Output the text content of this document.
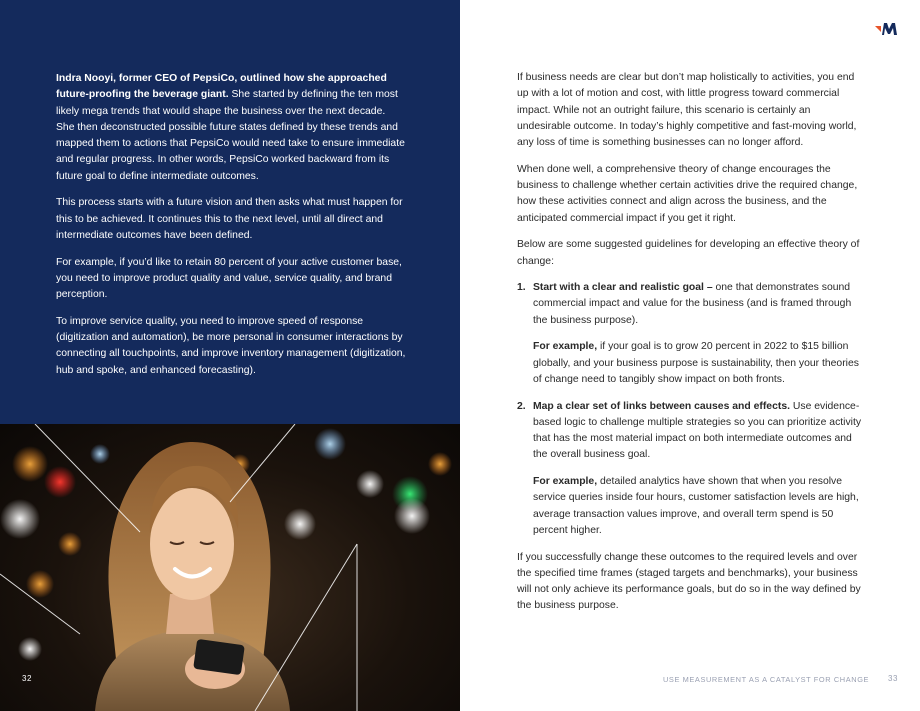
Indra Nooyi, former CEO of PepsiCo, outlined how she approached future-proofing the beverage giant. She started by defining the ten most likely mega trends that would shape the business over the next decade. She then deconstructed possible future states defined by these trends and mapped them to actions that PepsiCo would need take to ensure immediate and regular progress. In other words, PepsiCo worked backward from its future goal to define intermediate outcomes.

This process starts with a future vision and then asks what must happen for this to be achieved. It continues this to the next level, until all direct and intermediate outcomes have been defined.

For example, if you’d like to retain 80 percent of your active customer base, you need to improve product quality and value, service quality, and brand perception.

To improve service quality, you need to improve speed of response (digitization and automation), be more personal in consumer interactions by connecting all touchpoints, and improve inventory management (digitization, hub and spoke, and enhanced forecasting).

32

If business needs are clear but don’t map holistically to activities, you end up with a lot of motion and cost, with little progress toward commercial impact. While not an outright failure, this scenario is certainly an undesirable outcome. In today’s highly competitive and fast-moving world, any loss of time is something businesses can no longer afford.

When done well, a comprehensive theory of change encourages the business to challenge whether certain activities drive the required change, how these activities connect and align across the business, and the anticipated commercial impact if you get it right.

Below are some suggested guidelines for developing an effective theory of change:

1. Start with a clear and realistic goal – one that demonstrates sound commercial impact and value for the business (and is framed through the business purpose).

For example, if your goal is to grow 20 percent in 2022 to $15 billion globally, and your business purpose is sustainability, then your theories of change need to tangibly show impact on both fronts.

2. Map a clear set of links between causes and effects. Use evidence-based logic to challenge multiple strategies so you can prioritize activity that has the most material impact on both intermediate outcomes and the overall business goal.

For example, detailed analytics have shown that when you resolve service queries inside four hours, customer satisfaction levels are high, average transaction values improve, and overall term spend is 50 percent higher.

If you successfully change these outcomes to the required levels and over the specified time frames (staged targets and benchmarks), your business will not only achieve its performance goals, but do so in the way defined by the business purpose.

USE MEASUREMENT AS A CATALYST FOR CHANGE 33
